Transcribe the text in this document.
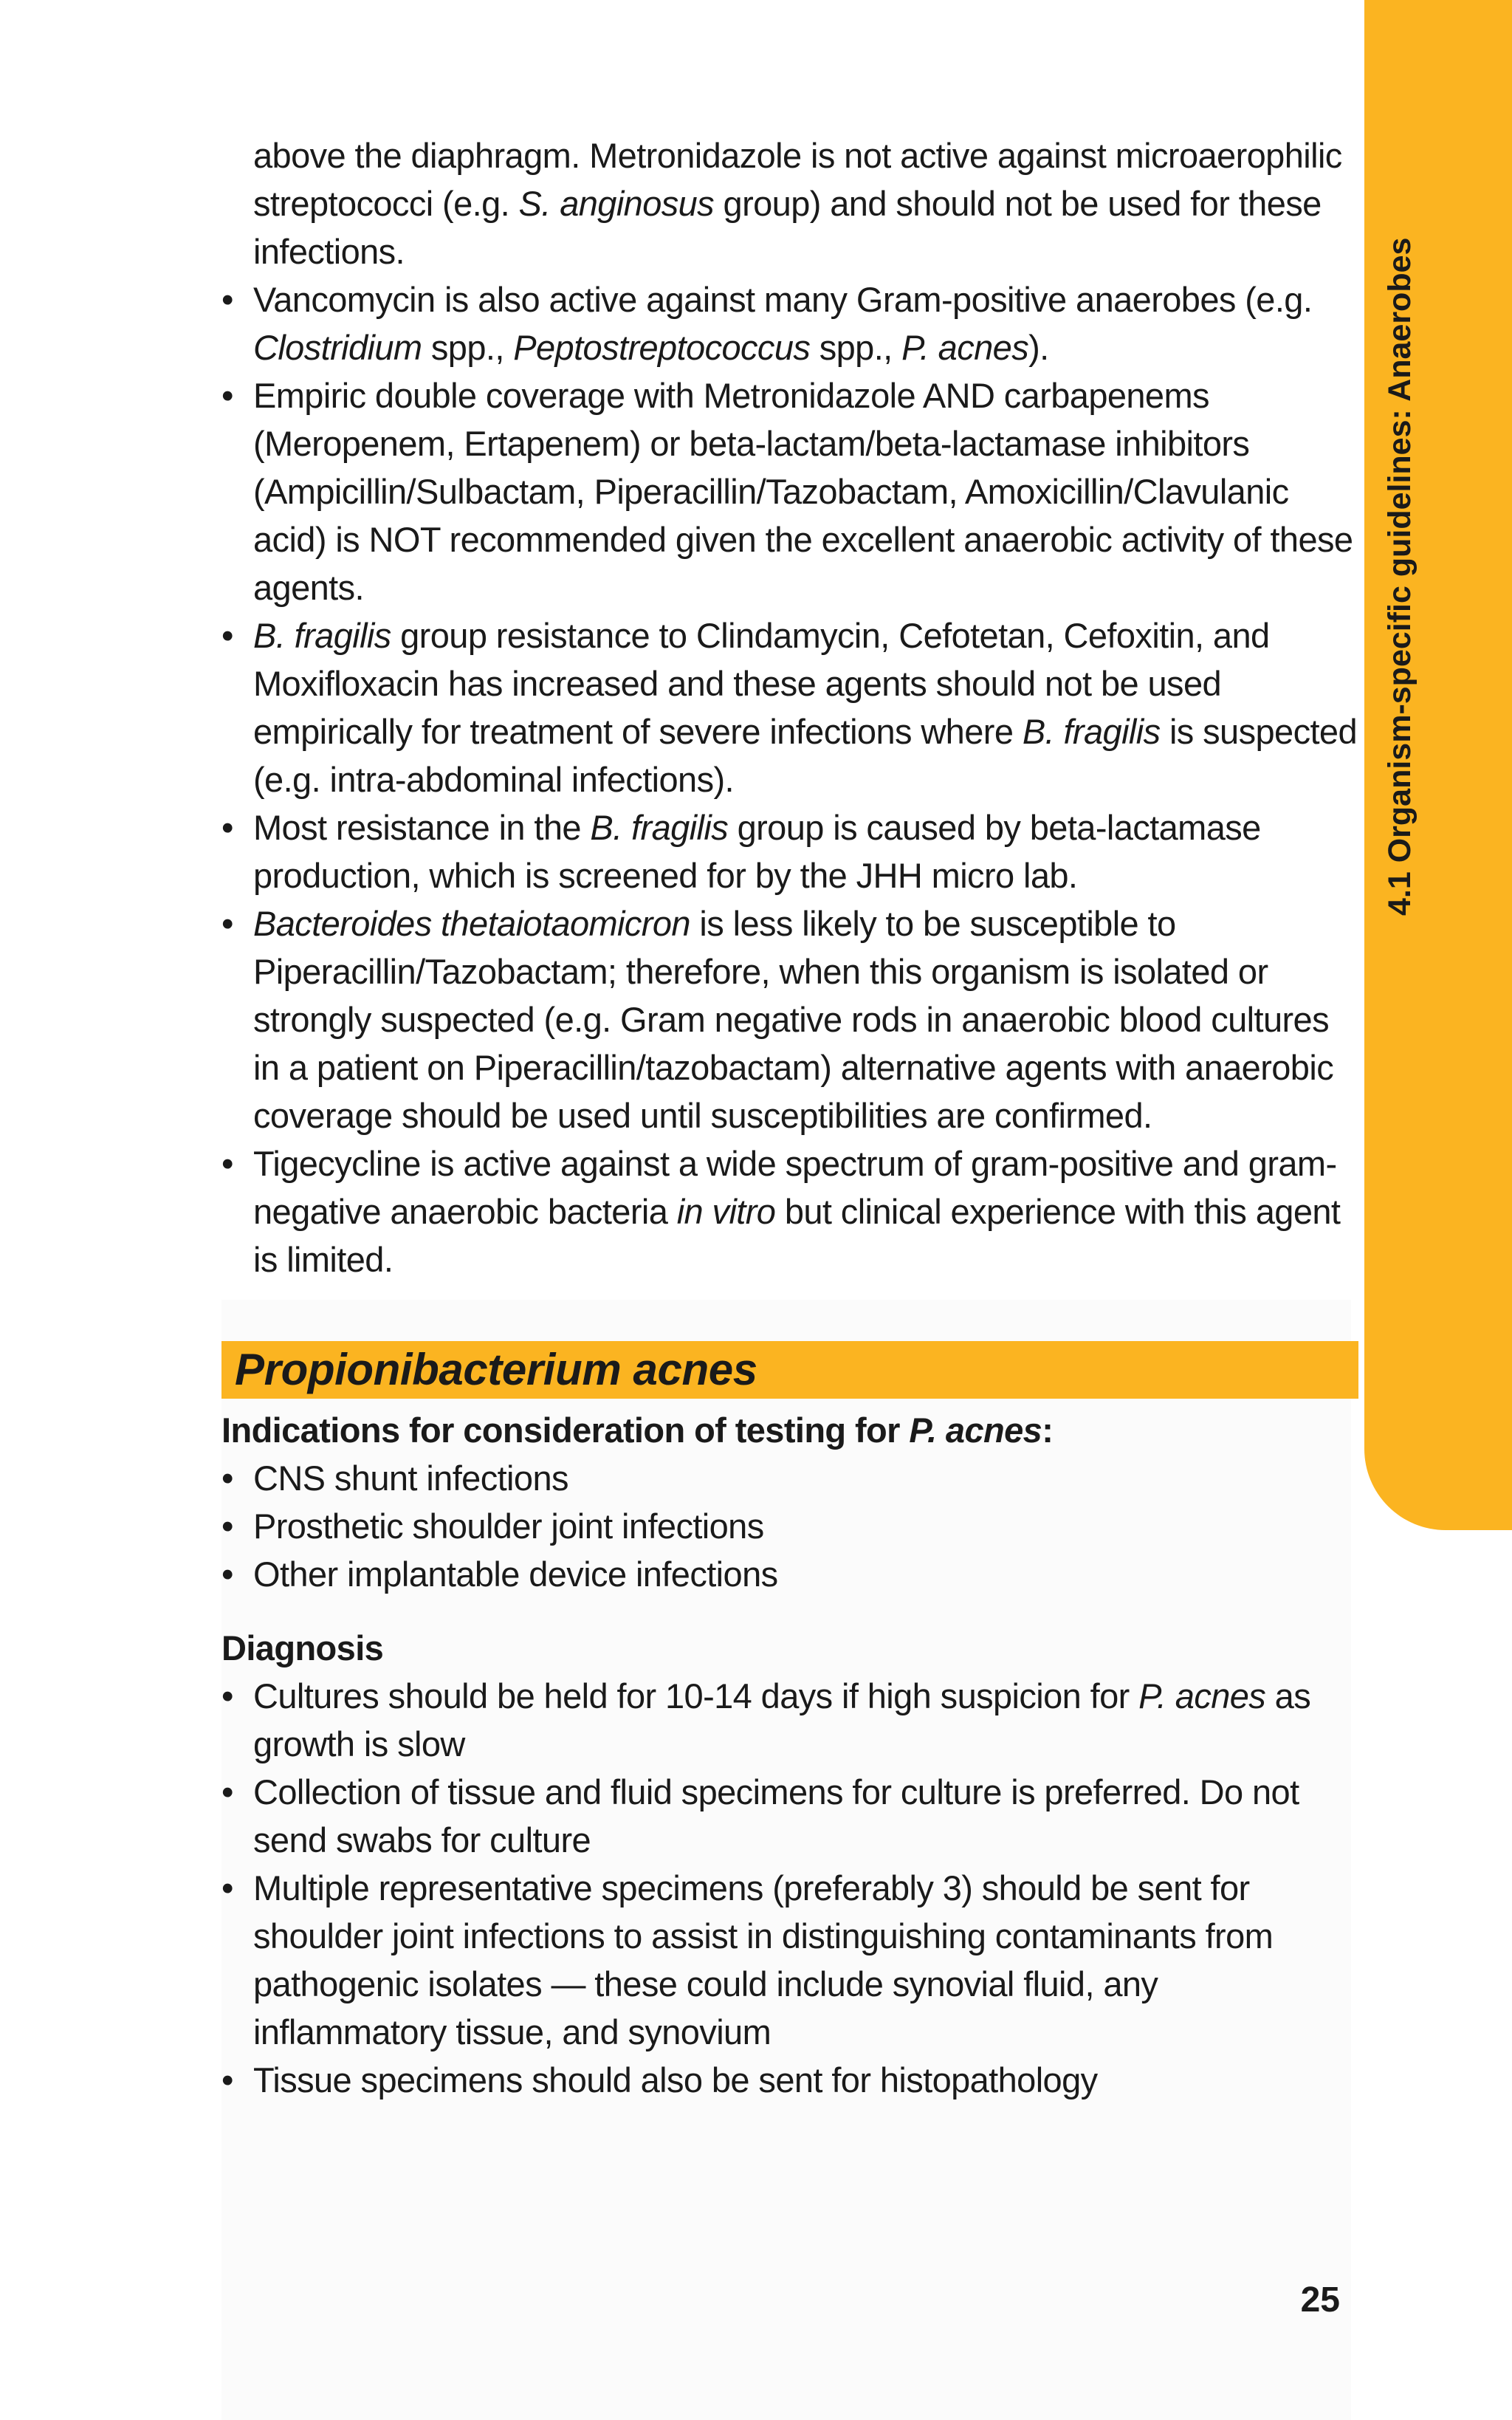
4.1 Organism-specific guidelines: Anaerobes

above the diaphragm. Metronidazole is not active against microaerophilic streptococci (e.g. S. anginosus group) and should not be used for these infections.

• Vancomycin is also active against many Gram-positive anaerobes (e.g. Clostridium spp., Peptostreptococcus spp., P. acnes).
• Empiric double coverage with Metronidazole AND carbapenems (Meropenem, Ertapenem) or beta-lactam/beta-lactamase inhibitors (Ampicillin/Sulbactam, Piperacillin/Tazobactam, Amoxicillin/Clavulanic acid) is NOT recommended given the excellent anaerobic activity of these agents.
• B. fragilis group resistance to Clindamycin, Cefotetan, Cefoxitin, and Moxifloxacin has increased and these agents should not be used empirically for treatment of severe infections where B. fragilis is suspected (e.g. intra-abdominal infections).
• Most resistance in the B. fragilis group is caused by beta-lactamase production, which is screened for by the JHH micro lab.
• Bacteroides thetaiotaomicron is less likely to be susceptible to Piperacillin/Tazobactam; therefore, when this organism is isolated or strongly suspected (e.g. Gram negative rods in anaerobic blood cultures in a patient on Piperacillin/tazobactam) alternative agents with anaerobic coverage should be used until susceptibilities are confirmed.
• Tigecycline is active against a wide spectrum of gram-positive and gram-negative anaerobic bacteria in vitro but clinical experience with this agent is limited.
Propionibacterium acnes
Indications for consideration of testing for P. acnes:
• CNS shunt infections
• Prosthetic shoulder joint infections
• Other implantable device infections
Diagnosis
• Cultures should be held for 10-14 days if high suspicion for P. acnes as growth is slow
• Collection of tissue and fluid specimens for culture is preferred. Do not send swabs for culture
• Multiple representative specimens (preferably 3) should be sent for shoulder joint infections to assist in distinguishing contaminants from pathogenic isolates — these could include synovial fluid, any inflammatory tissue, and synovium
• Tissue specimens should also be sent for histopathology
25
